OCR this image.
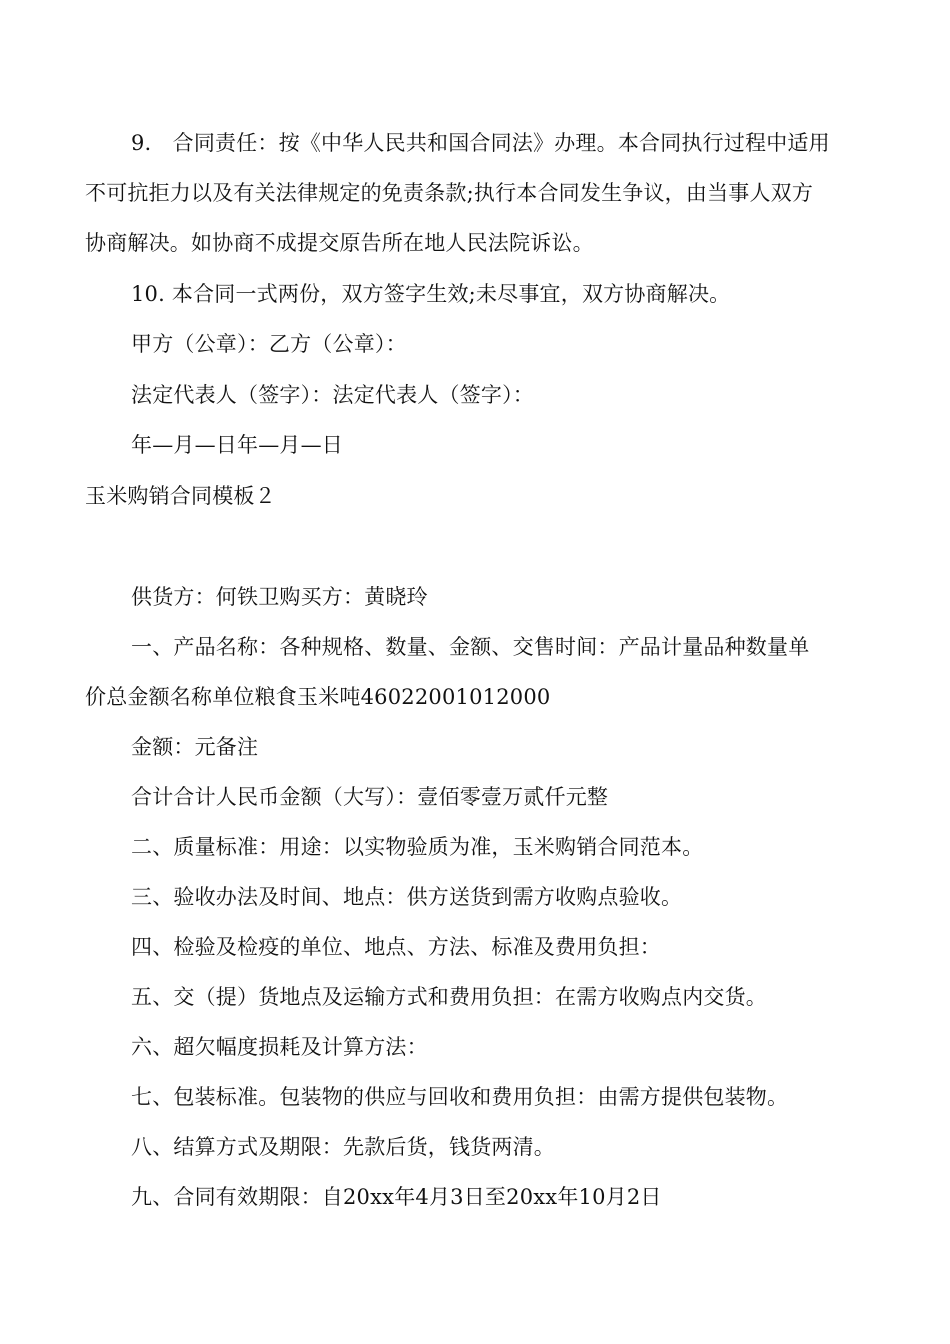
9.　合同责任：按《中华人民共和国合同法》办理。本合同执行过程中适用
不可抗拒力以及有关法律规定的免责条款;执行本合同发生争议，由当事人双方
协商解决。如协商不成提交原告所在地人民法院诉讼。
10. 本合同一式两份，双方签字生效;未尽事宜，双方协商解决。
甲方（公章）：乙方（公章）：
法定代表人（签字）：法定代表人（签字）：
年—月—日年—月—日
玉米购销合同模板２
供货方：何铁卫购买方：黄晓玲
一、产品名称：各种规格、数量、金额、交售时间：产品计量品种数量单
价总金额名称单位粮食玉米吨46022001012000
金额：元备注
合计合计人民币金额（大写）：壹佰零壹万贰仟元整
二、质量标准：用途：以实物验质为准，玉米购销合同范本。
三、验收办法及时间、地点：供方送货到需方收购点验收。
四、检验及检疫的单位、地点、方法、标准及费用负担：
五、交（提）货地点及运输方式和费用负担：在需方收购点内交货。
六、超欠幅度损耗及计算方法：
七、包装标准。包装物的供应与回收和费用负担：由需方提供包装物。
八、结算方式及期限：先款后货，钱货两清。
九、合同有效期限：自20xx年4月3日至20xx年10月2日
